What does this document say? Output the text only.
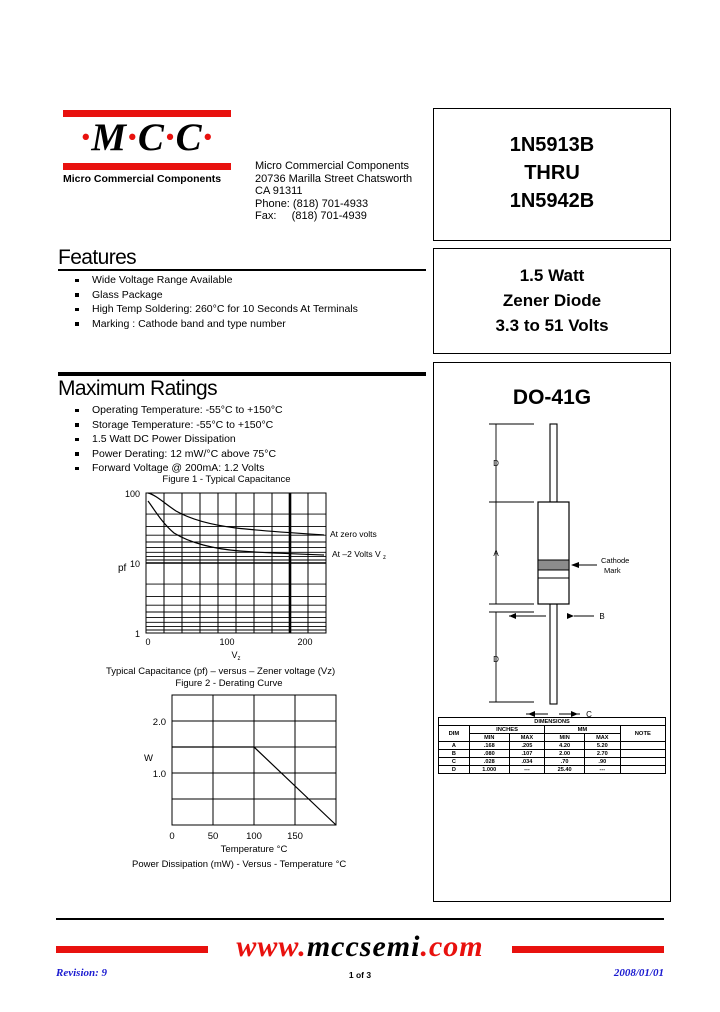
·M·C·C·
Micro Commercial Components
Micro Commercial Components
20736 Marilla Street Chatsworth
CA 91311
Phone: (818) 701-4933
Fax:     (818) 701-4939
1N5913B
THRU
1N5942B
1.5 Watt
Zener Diode
3.3 to 51 Volts
Features
Wide Voltage Range Available
Glass Package
High Temp Soldering: 260°C for 10 Seconds At Terminals
Marking : Cathode band and type number
Maximum Ratings
Operating Temperature: -55°C to +150°C
Storage Temperature: -55°C to +150°C
1.5 Watt DC Power Dissipation
Power Derating: 12 mW/°C above 75°C
Forward Voltage @ 200mA: 1.2 Volts
Figure 1 - Typical Capacitance
100
10
1
0	100	200
pf
$V_z$
At zero volts
At –2 Volts V $_z$
Typical Capacitance (pf) – versus – Zener voltage (Vz)
Figure 2 - Derating Curve
2.0
1.0
W
0	50	100	150
Temperature °C
Power Dissipation (mW) - Versus - Temperature °C
DO-41G
D
A
B
D
C
Cathode
Mark
DIMENSIONS					
DIM	INCHES		MM		NOTE
	MIN	MAX	MIN	MAX	
A	.168	.205	4.20	5.20	
B	.080	.107	2.00	2.70	
C	.028	.034	.70	.90	
D	1.000	---	25.40	---	
www.mccsemi.com
Revision: 9	1 of 3	2008/01/01
